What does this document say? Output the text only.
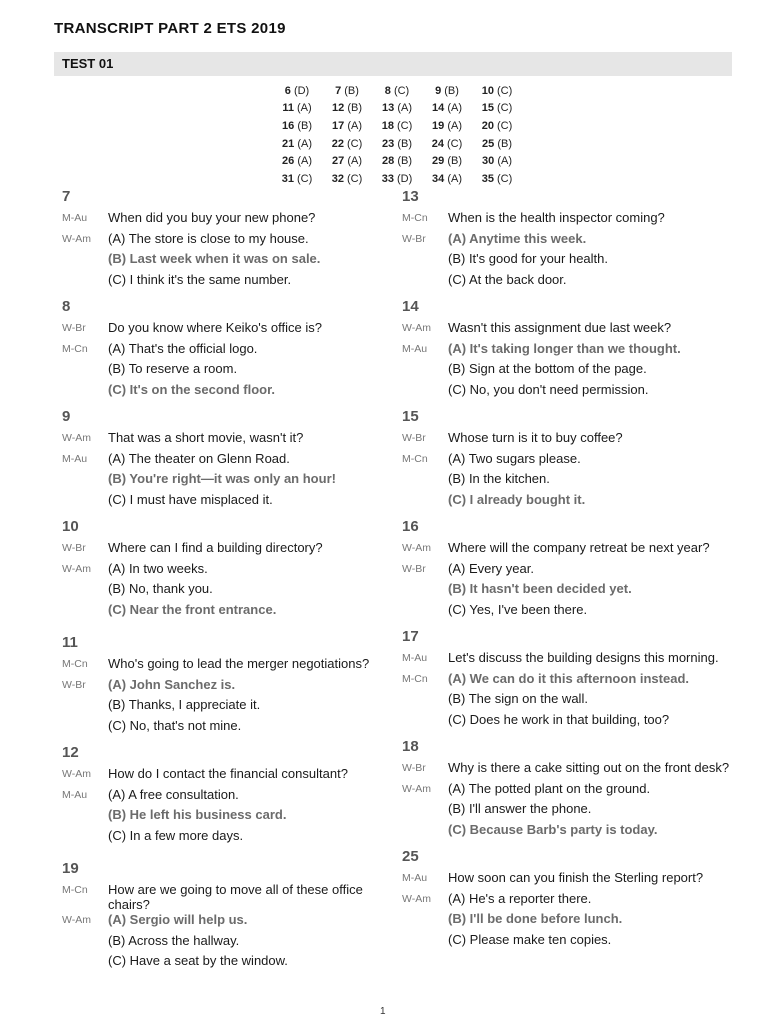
TRANSCRIPT PART 2 ETS 2019
TEST 01
6 (D)	7 (B)	8 (C)	9 (B)	10 (C)
11 (A)	12 (B)	13 (A)	14 (A)	15 (C)
16 (B)	17 (A)	18 (C)	19 (A)	20 (C)
21 (A)	22 (C)	23 (B)	24 (C)	25 (B)
26 (A)	27 (A)	28 (B)	29 (B)	30 (A)
31 (C)	32 (C)	33 (D)	34 (A)	35 (C)
7
M-Au When did you buy your new phone?
W-Am (A) The store is close to my house.
(B) Last week when it was on sale.
(C) I think it's the same number.
8
W-Br Do you know where Keiko's office is?
M-Cn (A) That's the official logo.
(B) To reserve a room.
(C) It's on the second floor.
9
W-Am That was a short movie, wasn't it?
M-Au (A) The theater on Glenn Road.
(B) You're right—it was only an hour!
(C) I must have misplaced it.
10
W-Br Where can I find a building directory?
W-Am (A) In two weeks.
(B) No, thank you.
(C) Near the front entrance.
11
M-Cn Who's going to lead the merger negotiations?
W-Br (A) John Sanchez is.
(B) Thanks, I appreciate it.
(C) No, that's not mine.
12
W-Am How do I contact the financial consultant?
M-Au (A) A free consultation.
(B) He left his business card.
(C) In a few more days.
19
M-Cn How are we going to move all of these office chairs?
W-Am (A) Sergio will help us.
(B) Across the hallway.
(C) Have a seat by the window.
13
M-Cn When is the health inspector coming?
W-Br (A) Anytime this week.
(B) It's good for your health.
(C) At the back door.
14
W-Am Wasn't this assignment due last week?
M-Au (A) It's taking longer than we thought.
(B) Sign at the bottom of the page.
(C) No, you don't need permission.
15
W-Br Whose turn is it to buy coffee?
M-Cn (A) Two sugars please.
(B) In the kitchen.
(C) I already bought it.
16
W-Am Where will the company retreat be next year?
W-Br (A) Every year.
(B) It hasn't been decided yet.
(C) Yes, I've been there.
17
M-Au Let's discuss the building designs this morning.
M-Cn (A) We can do it this afternoon instead.
(B) The sign on the wall.
(C) Does he work in that building, too?
18
W-Br Why is there a cake sitting out on the front desk?
W-Am (A) The potted plant on the ground.
(B) I'll answer the phone.
(C) Because Barb's party is today.
25
M-Au How soon can you finish the Sterling report?
W-Am (A) He's a reporter there.
(B) I'll be done before lunch.
(C) Please make ten copies.
1
